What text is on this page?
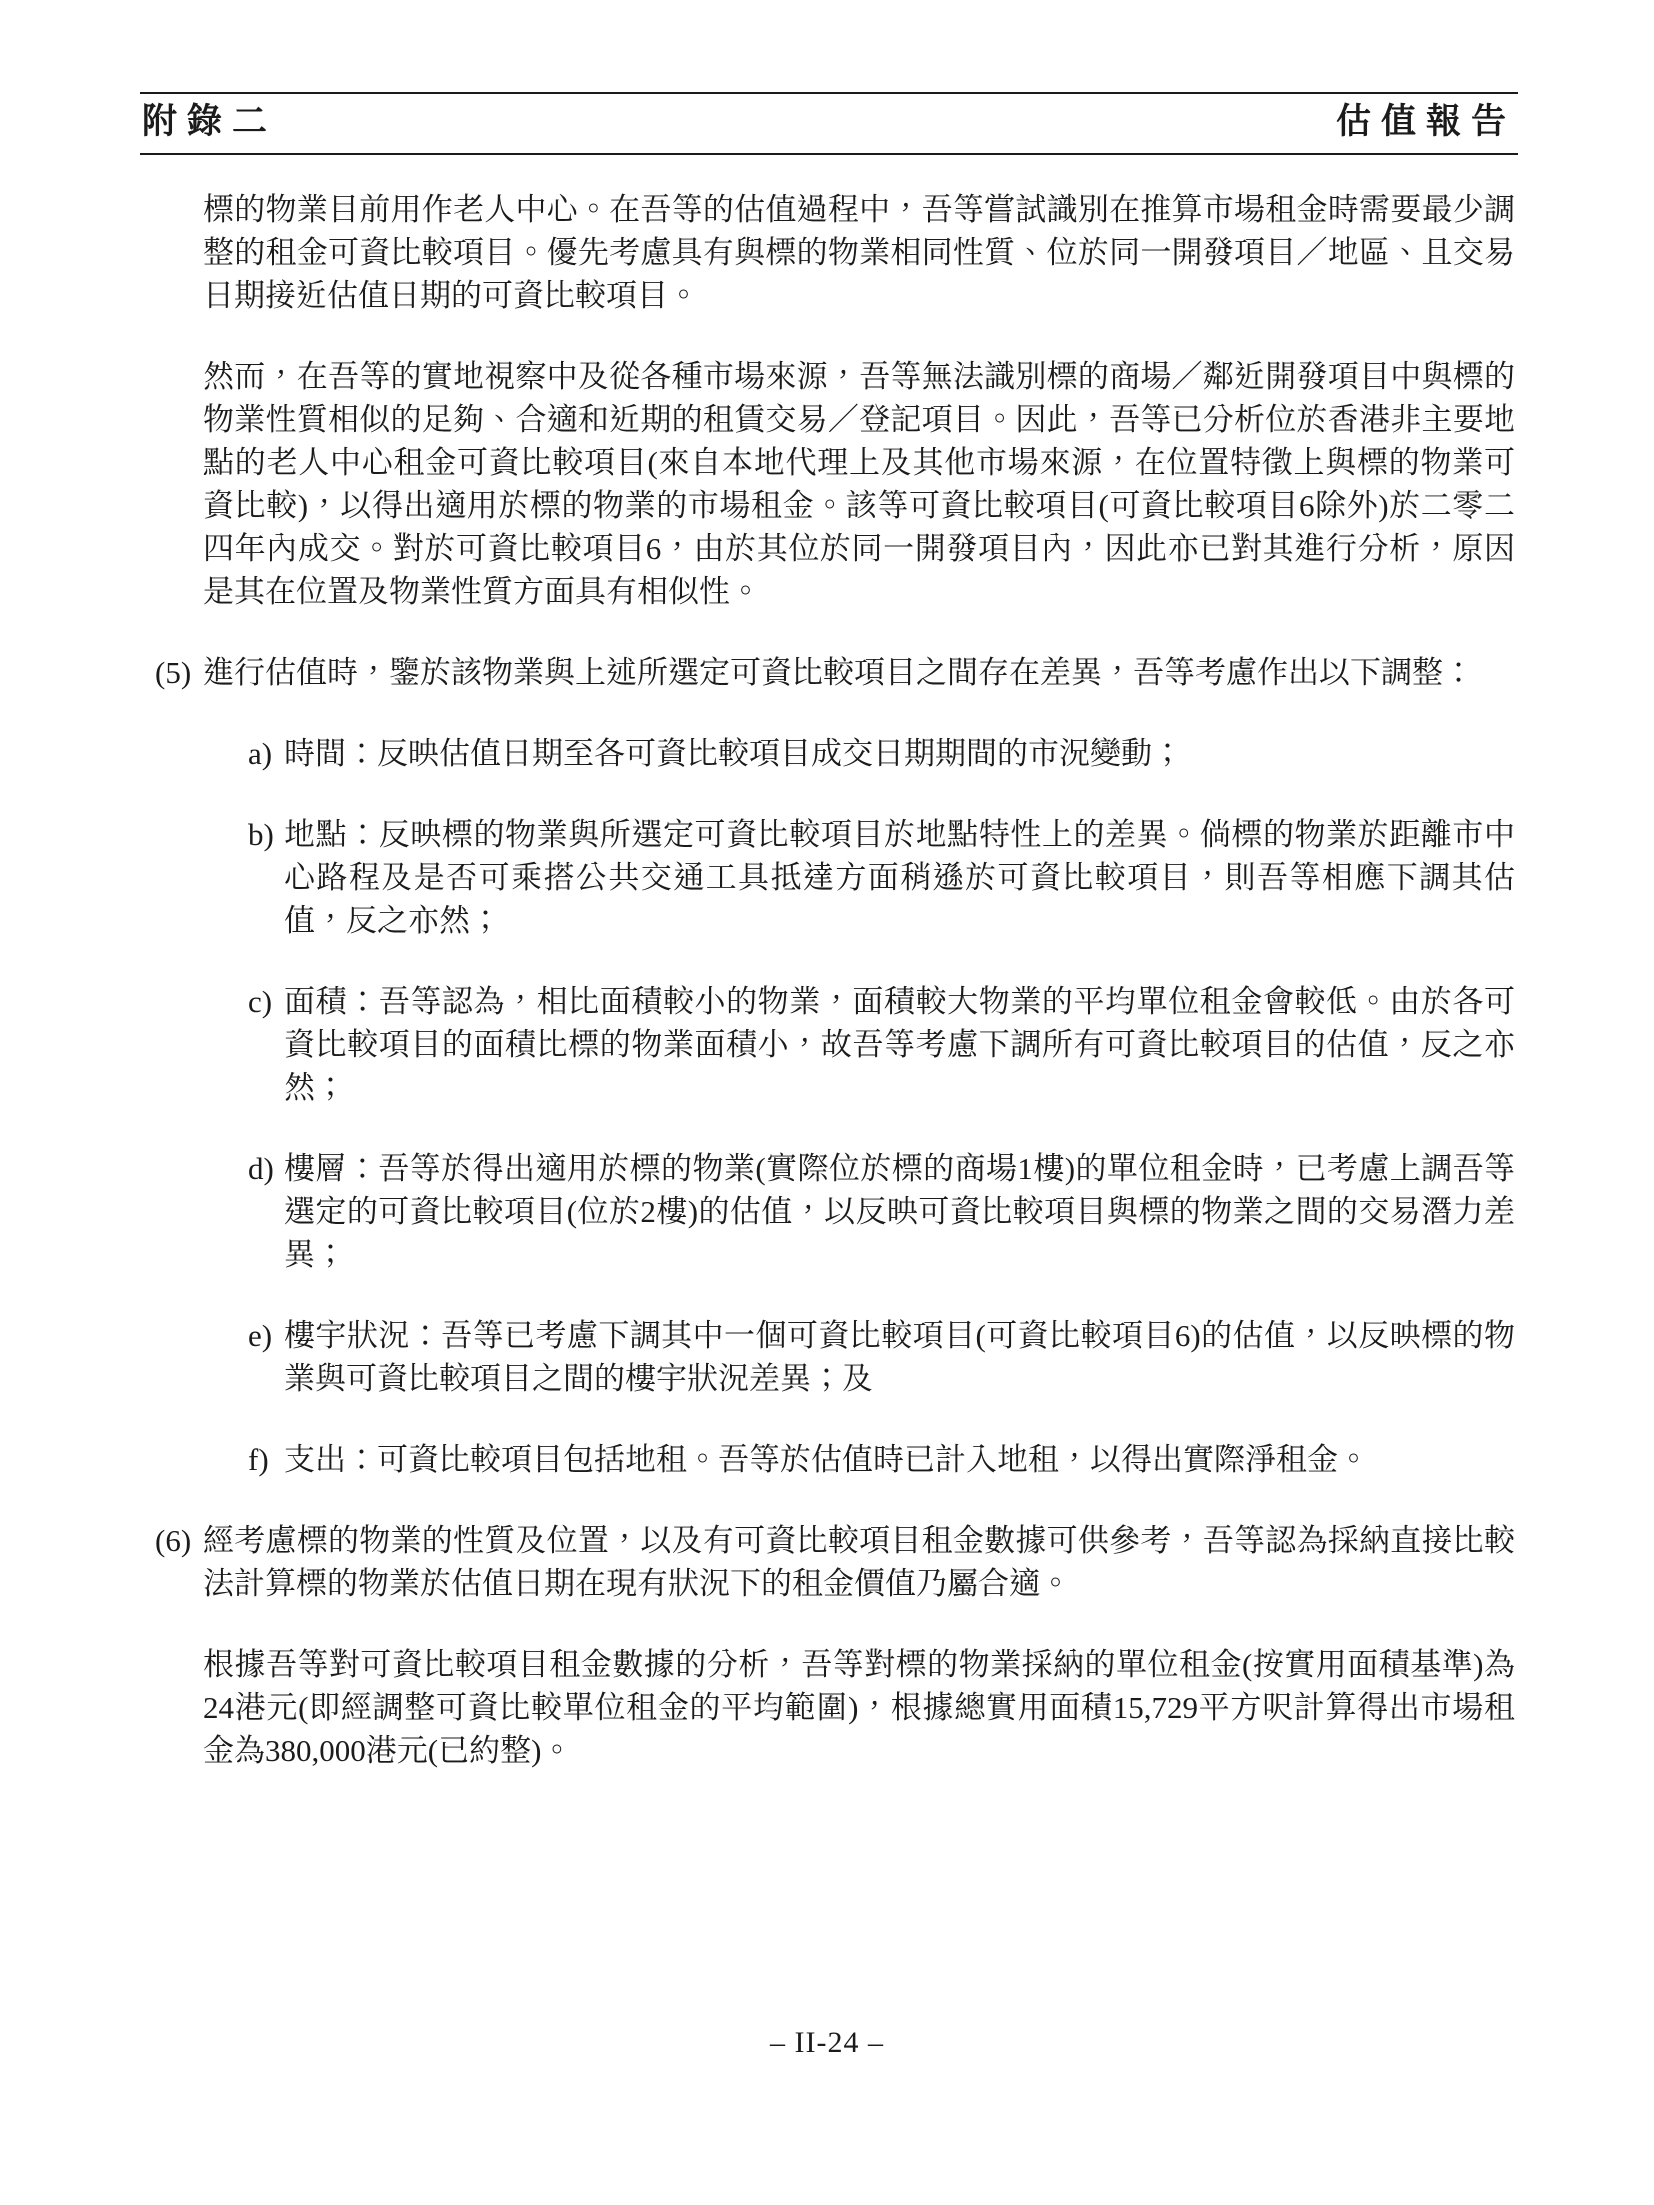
附錄二	估值報告

標的物業目前用作老人中心。在吾等的估值過程中，吾等嘗試識別在推算市場租金時需要最少調整的租金可資比較項目。優先考慮具有與標的物業相同性質、位於同一開發項目／地區、且交易日期接近估值日期的可資比較項目。

然而，在吾等的實地視察中及從各種市場來源，吾等無法識別標的商場／鄰近開發項目中與標的物業性質相似的足夠、合適和近期的租賃交易／登記項目。因此，吾等已分析位於香港非主要地點的老人中心租金可資比較項目(來自本地代理上及其他市場來源，在位置特徵上與標的物業可資比較)，以得出適用於標的物業的市場租金。該等可資比較項目(可資比較項目6除外)於二零二四年內成交。對於可資比較項目6，由於其位於同一開發項目內，因此亦已對其進行分析，原因是其在位置及物業性質方面具有相似性。

(5) 進行估值時，鑒於該物業與上述所選定可資比較項目之間存在差異，吾等考慮作出以下調整：
a) 時間：反映估值日期至各可資比較項目成交日期期間的市況變動；
b) 地點：反映標的物業與所選定可資比較項目於地點特性上的差異。倘標的物業於距離市中心路程及是否可乘搭公共交通工具抵達方面稍遜於可資比較項目，則吾等相應下調其估值，反之亦然；
c) 面積：吾等認為，相比面積較小的物業，面積較大物業的平均單位租金會較低。由於各可資比較項目的面積比標的物業面積小，故吾等考慮下調所有可資比較項目的估值，反之亦然；
d) 樓層：吾等於得出適用於標的物業(實際位於標的商場1樓)的單位租金時，已考慮上調吾等選定的可資比較項目(位於2樓)的估值，以反映可資比較項目與標的物業之間的交易潛力差異；
e) 樓宇狀況：吾等已考慮下調其中一個可資比較項目(可資比較項目6)的估值，以反映標的物業與可資比較項目之間的樓宇狀況差異；及
f) 支出：可資比較項目包括地租。吾等於估值時已計入地租，以得出實際淨租金。
(6) 經考慮標的物業的性質及位置，以及有可資比較項目租金數據可供參考，吾等認為採納直接比較法計算標的物業於估值日期在現有狀況下的租金價值乃屬合適。

根據吾等對可資比較項目租金數據的分析，吾等對標的物業採納的單位租金(按實用面積基準)為24港元(即經調整可資比較單位租金的平均範圍)，根據總實用面積15,729平方呎計算得出市場租金為380,000港元(已約整)。

– II-24 –
